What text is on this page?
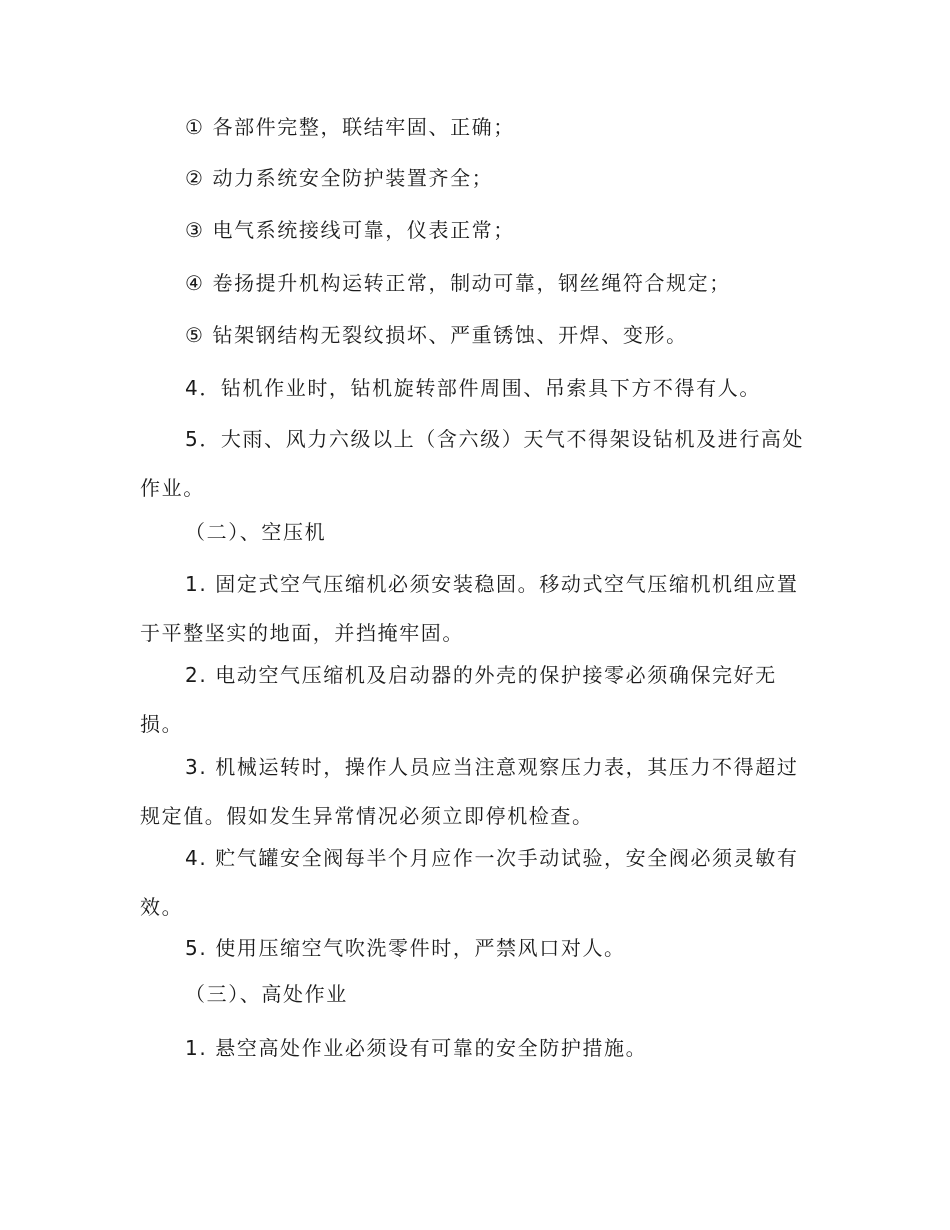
① 各部件完整，联结牢固、正确；

② 动力系统安全防护装置齐全；

③ 电气系统接线可靠，仪表正常；

④ 卷扬提升机构运转正常，制动可靠，钢丝绳符合规定；

⑤ 钻架钢结构无裂纹损坏、严重锈蚀、开焊、变形。

4．钻机作业时，钻机旋转部件周围、吊索具下方不得有人。

5．大雨、风力六级以上（含六级）天气不得架设钻机及进行高处作业。

（二）、空压机

1. 固定式空气压缩机必须安装稳固。移动式空气压缩机机组应置于平整坚实的地面，并挡掩牢固。

2. 电动空气压缩机及启动器的外壳的保护接零必须确保完好无损。

3. 机械运转时，操作人员应当注意观察压力表，其压力不得超过规定值。假如发生异常情况必须立即停机检查。

4. 贮气罐安全阀每半个月应作一次手动试验，安全阀必须灵敏有效。

5. 使用压缩空气吹洗零件时，严禁风口对人。

（三）、高处作业

1. 悬空高处作业必须设有可靠的安全防护措施。
